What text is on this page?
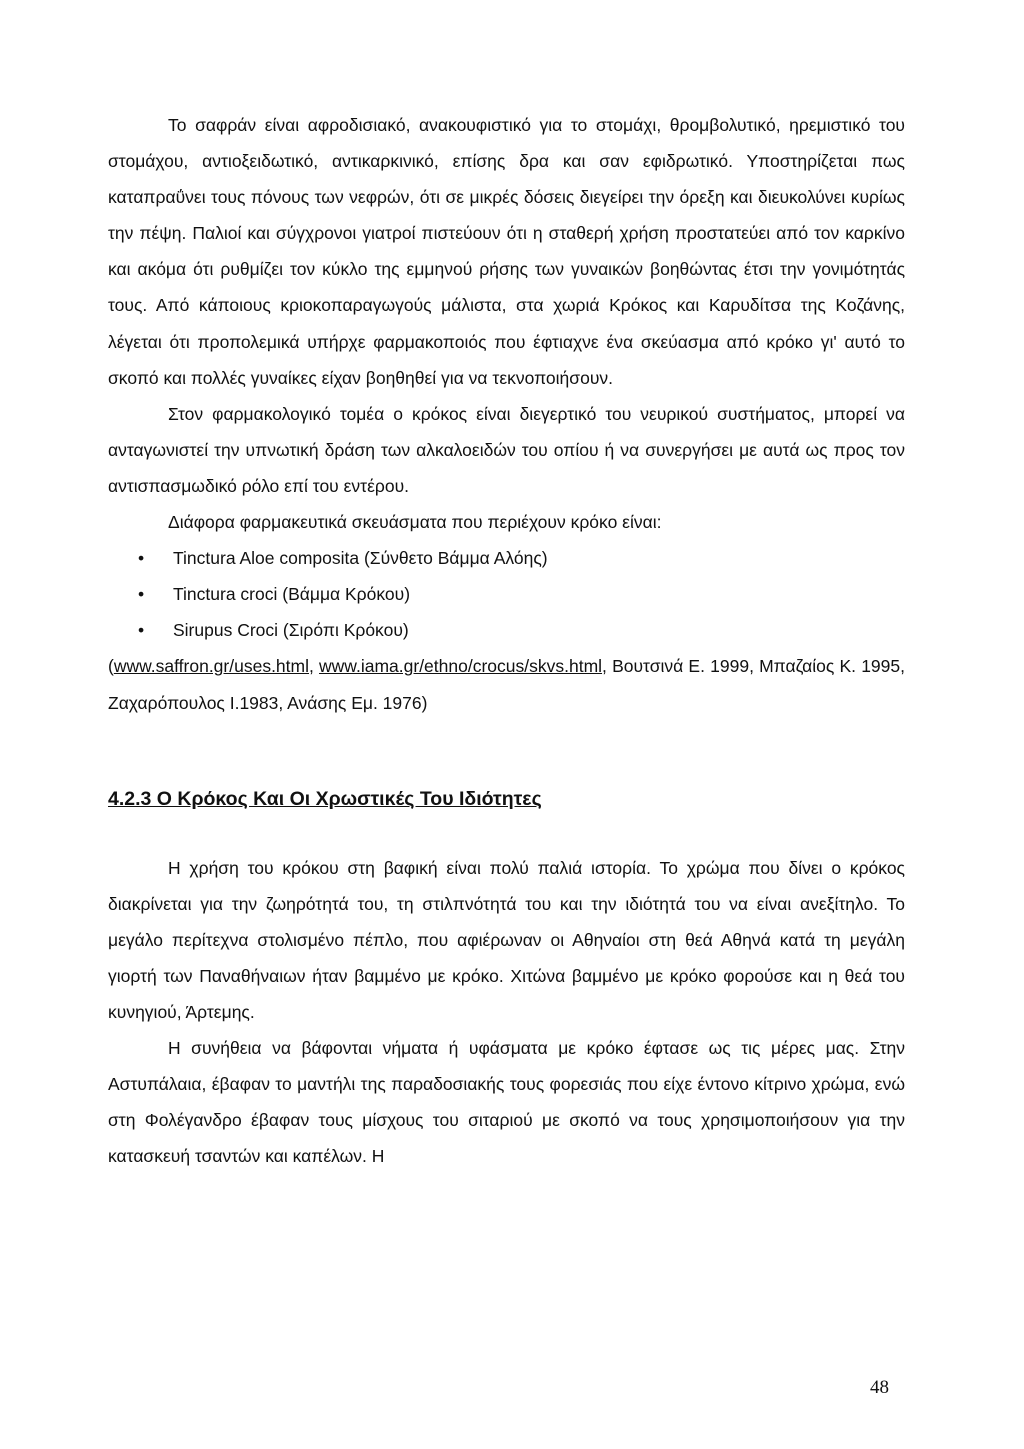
Το σαφράν είναι αφροδισιακό, ανακουφιστικό για το στομάχι, θρομβολυτικό, ηρεμιστικό του στομάχου, αντιοξειδωτικό, αντικαρκινικό, επίσης δρα και σαν εφιδρωτικό. Υποστηρίζεται πως καταπραΰνει τους πόνους των νεφρών, ότι σε μικρές δόσεις διεγείρει την όρεξη και διευκολύνει κυρίως την πέψη. Παλιοί και σύγχρονοι γιατροί πιστεύουν ότι η σταθερή χρήση προστατεύει από τον καρκίνο και ακόμα ότι ρυθμίζει τον κύκλο της εμμηνού ρήσης των γυναικών βοηθώντας έτσι την γονιμότητάς τους. Από κάποιους κριοκοπαραγωγούς μάλιστα, στα χωριά Κρόκος και Καρυδίτσα της Κοζάνης, λέγεται ότι προπολεμικά υπήρχε φαρμακοποιός που έφτιαχνε ένα σκεύασμα από κρόκο γι' αυτό το σκοπό και πολλές γυναίκες είχαν βοηθηθεί για να τεκνοποιήσουν.

Στον φαρμακολογικό τομέα ο κρόκος είναι διεγερτικό του νευρικού συστήματος, μπορεί να ανταγωνιστεί την υπνωτική δράση των αλκαλοειδών του οπίου ή να συνεργήσει με αυτά ως προς τον αντισπασμωδικό ρόλο επί του εντέρου.

Διάφορα φαρμακευτικά σκευάσματα που περιέχουν κρόκο είναι:

• Tinctura Aloe composita (Σύνθετο Βάμμα Αλόης)
• Tinctura croci (Βάμμα Κρόκου)
• Sirupus Croci (Σιρόπι Κρόκου)

(www.saffron.gr/uses.html, www.iama.gr/ethno/crocus/skvs.html, Βουτσινά Ε. 1999, Μπαζαίος Κ. 1995, Ζαχαρόπουλος Ι.1983, Ανάσης Εμ. 1976)

4.2.3 Ο Κρόκος Και Οι Χρωστικές Του Ιδιότητες

Η χρήση του κρόκου στη βαφική είναι πολύ παλιά ιστορία. Το χρώμα που δίνει ο κρόκος διακρίνεται για την ζωηρότητά του, τη στιλπνότητά του και την ιδιότητά του να είναι ανεξίτηλο. Το μεγάλο περίτεχνα στολισμένο πέπλο, που αφιέρωναν οι Αθηναίοι στη θεά Αθηνά κατά τη μεγάλη γιορτή των Παναθήναιων ήταν βαμμένο με κρόκο. Χιτώνα βαμμένο με κρόκο φορούσε και η θεά του κυνηγιού, Άρτεμης.

Η συνήθεια να βάφονται νήματα ή υφάσματα με κρόκο έφτασε ως τις μέρες μας. Στην Αστυπάλαια, έβαφαν το μαντήλι της παραδοσιακής τους φορεσιάς που είχε έντονο κίτρινο χρώμα, ενώ στη Φολέγανδρο έβαφαν τους μίσχους του σιταριού με σκοπό να τους χρησιμοποιήσουν για την κατασκευή τσαντών και καπέλων. Η

48
